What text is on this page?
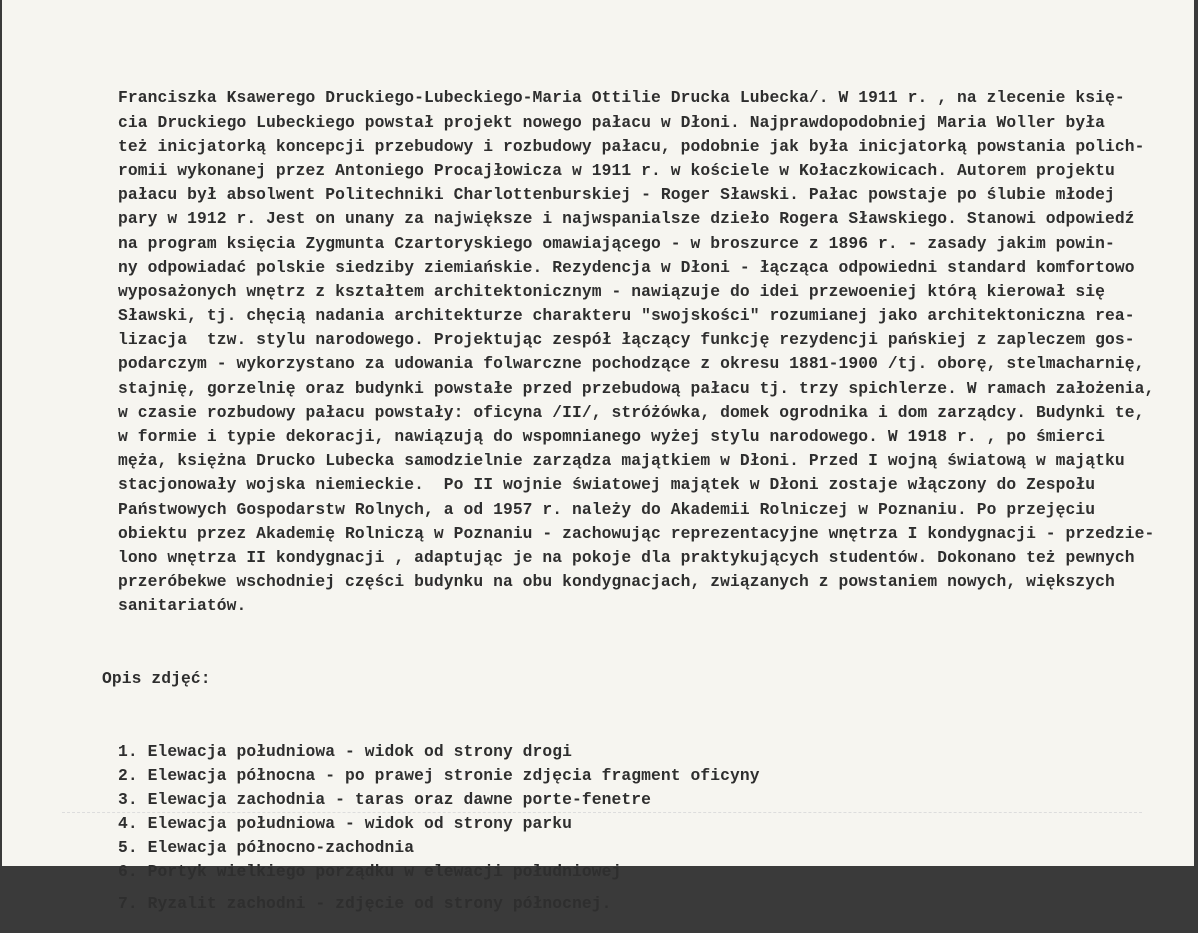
Franciszka Ksawerego Druckiego-Lubeckiego-Maria Ottilie Drucka Lubecka/. W 1911 r. , na zlecenie księ-
cia Druckiego Lubeckiego powstał projekt nowego pałacu w Dłoni. Najprawdopodobniej Maria Woller była
też inicjatorką koncepcji przebudowy i rozbudowy pałacu, podobnie jak była inicjatorką powstania polich-
romii wykonanej przez Antoniego Procajłowicza w 1911 r. w kościele w Kołaczkowicach. Autorem projektu
pałacu był absolwent Politechniki Charlottenburskiej - Roger Sławski. Pałac powstaje po ślubie młodej
pary w 1912 r. Jest on unany za największe i najwspanialsze dzieło Rogera Sławskiego. Stanowi odpowiedź
na program księcia Zygmunta Czartoryskiego omawiającego - w broszurce z 1896 r. - zasady jakim powin-
ny odpowiadać polskie siedziby ziemiańskie. Rezydencja w Dłoni - łącząca odpowiedni standard komfortowo
wyposażonych wnętrz z kształtem architektonicznym - nawiązuje do idei przewoeniej którą kierował się
Sławski, tj. chęcią nadania architekturze charakteru "swojskości" rozumianej jako architektoniczna rea-
lizacja  tzw. stylu narodowego. Projektując zespół łączący funkcję rezydencji pańskiej z zapleczem gos-
podarczym - wykorzystano za udowania folwarczne pochodzące z okresu 1881-1900 /tj. oborę, stelmacharnię,
stajnię, gorzelnię oraz budynki powstałe przed przebudową pałacu tj. trzy spichlerze. W ramach założenia,
w czasie rozbudowy pałacu powstały: oficyna /II/, stróżówka, domek ogrodnika i dom zarządcy. Budynki te,
w formie i typie dekoracji, nawiązują do wspomnianego wyżej stylu narodowego. W 1918 r. , po śmierci
męża, księżna Drucko Lubecka samodzielnie zarządza majątkiem w Dłoni. Przed I wojną światową w majątku
stacjonowały wojska niemieckie.  Po II wojnie światowej majątek w Dłoni zostaje włączony do Zespołu
Państwowych Gospodarstw Rolnych, a od 1957 r. należy do Akademii Rolniczej w Poznaniu. Po przejęciu
obiektu przez Akademię Rolniczą w Poznaniu - zachowując reprezentacyjne wnętrza I kondygnacji - przedzie-
lono wnętrza II kondygnacji , adaptując je na pokoje dla praktykujących studentów. Dokonano też pewnych
przeróbekwe wschodniej części budynku na obu kondygnacjach, związanych z powstaniem nowych, większych
sanitariatów.

Opis zdjęć:

1. Elewacja południowa - widok od strony drogi
2. Elewacja północna - po prawej stronie zdjęcia fragment oficyny
3. Elewacja zachodnia - taras oraz dawne porte-fenetre
4. Elewacja południowa - widok od strony parku
5. Elewacja północno-zachodnia
6. Portyk wielkiego porządku w elewacji południowej
7. Ryzalit zachodni - zdjęcie od strony północnej.
